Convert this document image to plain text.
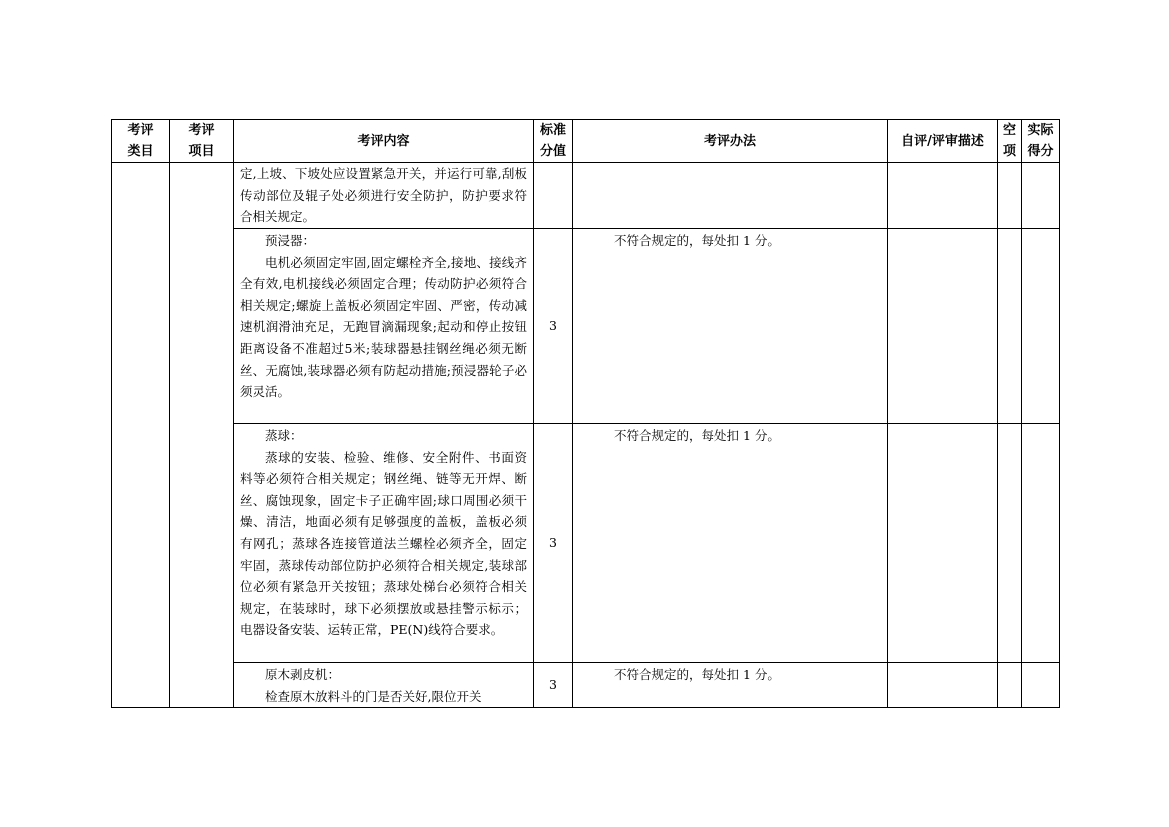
考评类目	考评项目	考评内容	标准分值	考评办法	自评/评审描述	空项	实际得分

		定,上坡、下坡处应设置紧急开关，并运行可靠,刮板传动部位及辊子处必须进行安全防护，防护要求符合相关规定。					

		预浸器：
电机必须固定牢固,固定螺栓齐全,接地、接线齐全有效,电机接线必须固定合理；传动防护必须符合相关规定;螺旋上盖板必须固定牢固、严密，传动减速机润滑油充足，无跑冒滴漏现象;起动和停止按钮距离设备不准超过5米;装球器悬挂钢丝绳必须无断丝、无腐蚀,装球器必须有防起动措施;预浸器轮子必须灵活。	3	不符合规定的，每处扣 1 分。			

		蒸球：
蒸球的安装、检验、维修、安全附件、书面资料等必须符合相关规定；钢丝绳、链等无开焊、断丝、腐蚀现象，固定卡子正确牢固;球口周围必须干燥、清洁，地面必须有足够强度的盖板，盖板必须有网孔；蒸球各连接管道法兰螺栓必须齐全，固定牢固，蒸球传动部位防护必须符合相关规定,装球部位必须有紧急开关按钮；蒸球处梯台必须符合相关规定，在装球时，球下必须摆放或悬挂警示标示；电器设备安装、运转正常，PE(N)线符合要求。	3	不符合规定的，每处扣 1 分。			

		原木剥皮机：
检查原木放料斗的门是否关好,限位开关	3	不符合规定的，每处扣 1 分。			
